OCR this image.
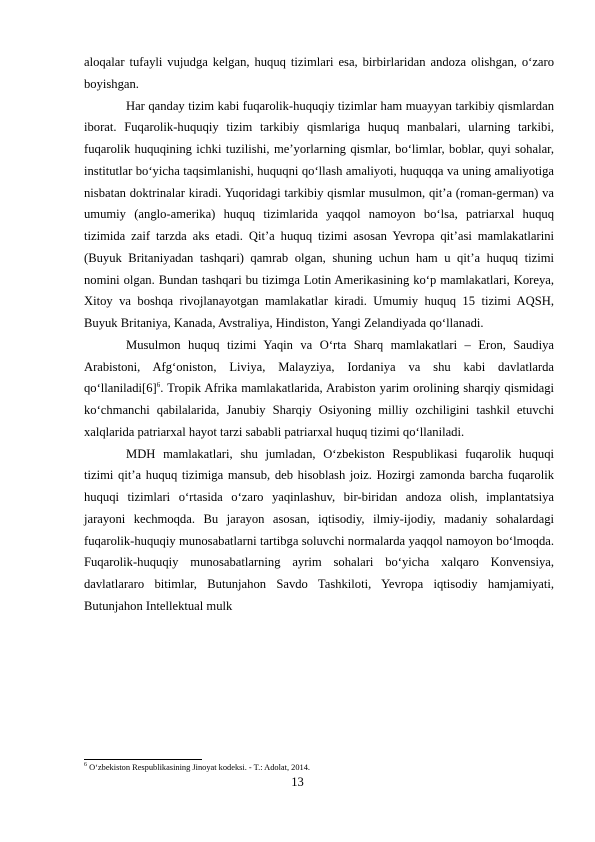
aloqalar tufayli vujudga kelgan, huquq tizimlari esa, birbirlaridan andoza olishgan, o‘zaro boyishgan.

Har qanday tizim kabi fuqarolik-huquqiy tizimlar ham muayyan tarkibiy qismlardan iborat. Fuqarolik-huquqiy tizim tarkibiy qismlariga huquq manbalari, ularning tarkibi, fuqarolik huquqining ichki tuzilishi, me’yorlarning qismlar, bo‘limlar, boblar, quyi sohalar, institutlar bo‘yicha taqsimlanishi, huquqni qo‘llash amaliyoti, huquqqa va uning amaliyotiga nisbatan doktrinalar kiradi. Yuqoridagi tarkibiy qismlar musulmon, qit’a (roman-german) va umumiy (anglo-amerika) huquq tizimlarida yaqqol namoyon bo‘lsa, patriarxal huquq tizimida zaif tarzda aks etadi. Qit’a huquq tizimi asosan Yevropa qit’asi mamlakatlarini (Buyuk Britaniyadan tashqari) qamrab olgan, shuning uchun ham u qit’a huquq tizimi nomini olgan. Bundan tashqari bu tizimga Lotin Amerikasining ko‘p mamlakatlari, Koreya, Xitoy va boshqa rivojlanayotgan mamlakatlar kiradi. Umumiy huquq 15 tizimi AQSH, Buyuk Britaniya, Kanada, Avstraliya, Hindiston, Yangi Zelandiyada qo‘llanadi.

Musulmon huquq tizimi Yaqin va O‘rta Sharq mamlakatlari – Eron, Saudiya Arabistoni, Afg‘oniston, Liviya, Malayziya, Iordaniya va shu kabi davlatlarda $qo‘llaniladi[6]^6$. Tropik Afrika mamlakatlarida, Arabiston yarim orolining sharqiy qismidagi ko‘chmanchi qabilalarida, Janubiy Sharqiy Osiyoning milliy ozchiligini tashkil etuvchi xalqlarida patriarxal hayot tarzi sababli patriarxal huquq tizimi qo‘llaniladi.

MDH mamlakatlari, shu jumladan, O‘zbekiston Respublikasi fuqarolik huquqi tizimi qit’a huquq tizimiga mansub, deb hisoblash joiz. Hozirgi zamonda barcha fuqarolik huquqi tizimlari o‘rtasida o‘zaro yaqinlashuv, bir-biridan andoza olish, implantatsiya jarayoni kechmoqda. Bu jarayon asosan, iqtisodiy, ilmiy-ijodiy, madaniy sohalardagi fuqarolik-huquqiy munosabatlarni tartibga soluvchi normalarda yaqqol namoyon bo‘lmoqda. Fuqarolik-huquqiy munosabatlarning ayrim sohalari bo‘yicha xalqaro Konvensiya, davlatlararo bitimlar, Butunjahon Savdo Tashkiloti, Yevropa iqtisodiy hamjamiyati, Butunjahon Intellektual mulk

$^6$ O‘zbekiston Respublikasining Jinoyat kodeksi. - T.: Adolat, 2014.
13
